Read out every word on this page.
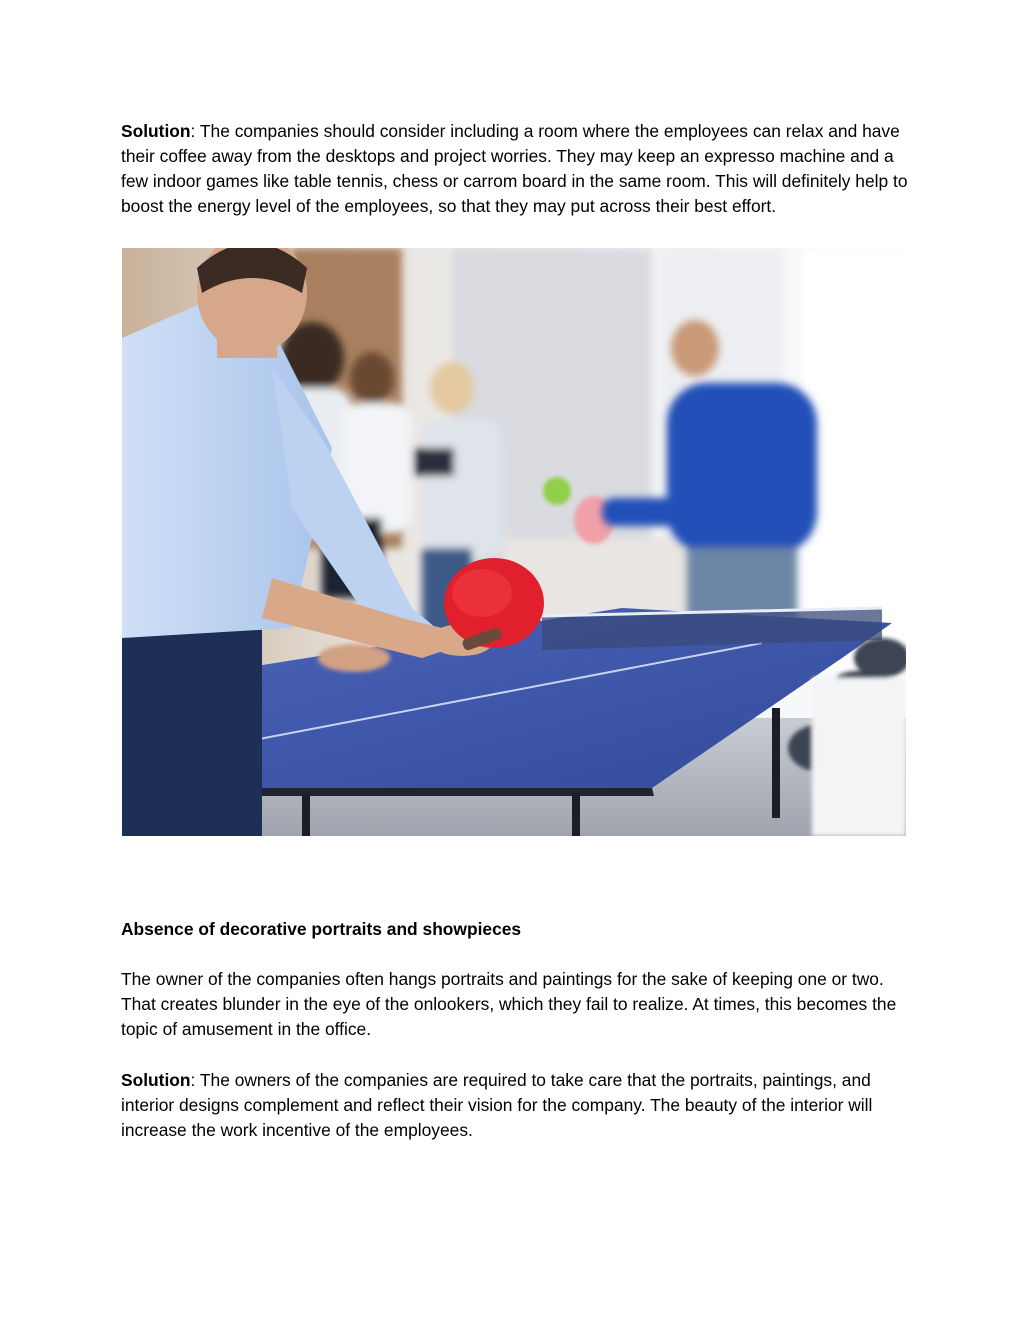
Solution: The companies should consider including a room where the employees can relax and have their coffee away from the desktops and project worries. They may keep an expresso machine and a few indoor games like table tennis, chess or carrom board in the same room. This will definitely help to boost the energy level of the employees, so that they may put across their best effort.

Absence of decorative portraits and showpieces

The owner of the companies often hangs portraits and paintings for the sake of keeping one or two. That creates blunder in the eye of the onlookers, which they fail to realize. At times, this becomes the topic of amusement in the office.

Solution: The owners of the companies are required to take care that the portraits, paintings, and interior designs complement and reflect their vision for the company. The beauty of the interior will increase the work incentive of the employees.
